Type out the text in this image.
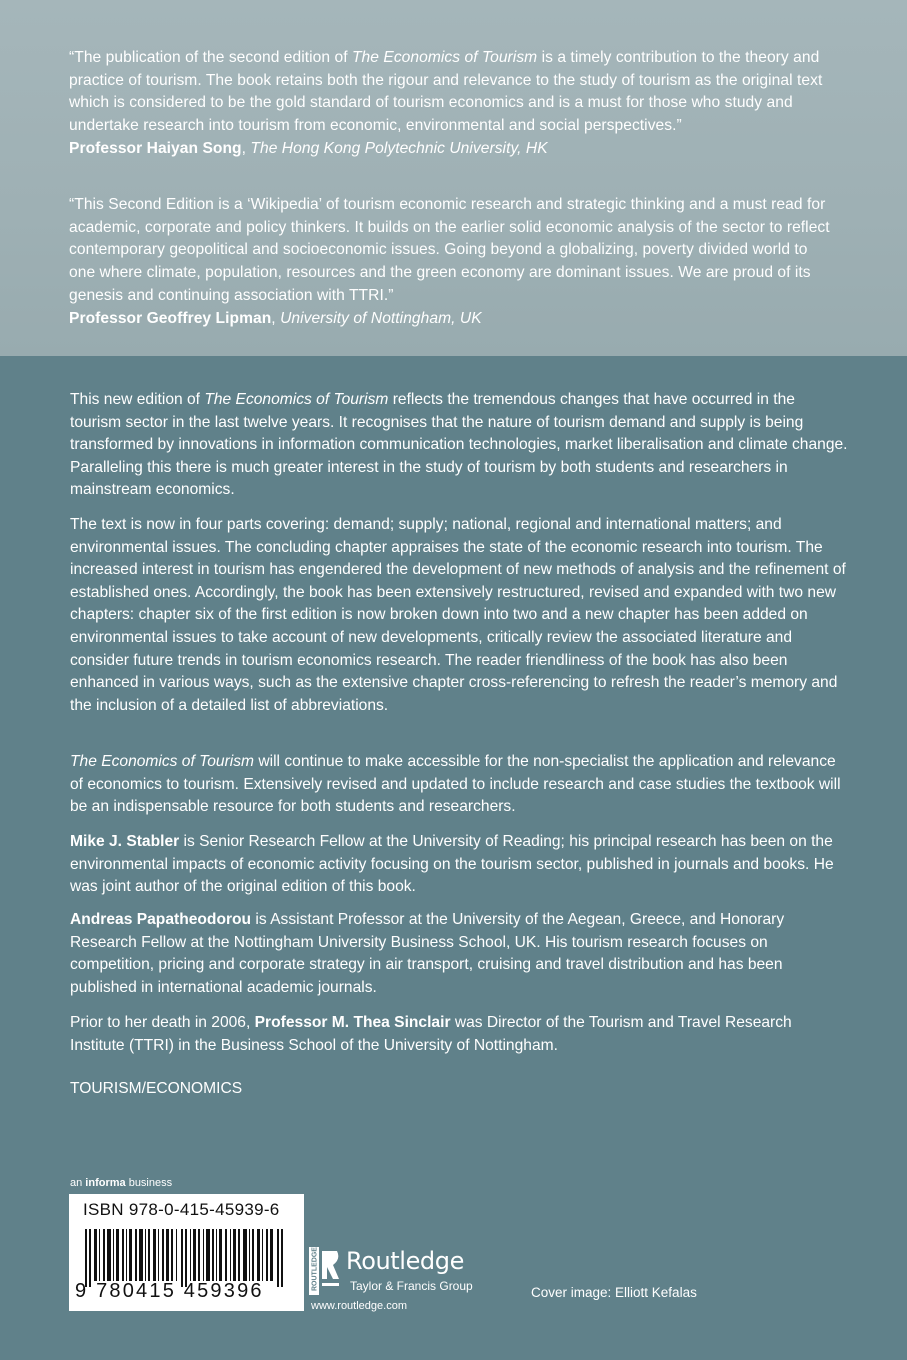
“The publication of the second edition of The Economics of Tourism is a timely contribution to the theory and practice of tourism. The book retains both the rigour and relevance to the study of tourism as the original text which is considered to be the gold standard of tourism economics and is a must for those who study and undertake research into tourism from economic, environmental and social perspectives.”
Professor Haiyan Song, The Hong Kong Polytechnic University, HK
“This Second Edition is a ‘Wikipedia’ of tourism economic research and strategic thinking and a must read for academic, corporate and policy thinkers. It builds on the earlier solid economic analysis of the sector to reflect contemporary geopolitical and socioeconomic issues. Going beyond a globalizing, poverty divided world to one where climate, population, resources and the green economy are dominant issues. We are proud of its genesis and continuing association with TTRI.”
Professor Geoffrey Lipman, University of Nottingham, UK

This new edition of The Economics of Tourism reflects the tremendous changes that have occurred in the tourism sector in the last twelve years. It recognises that the nature of tourism demand and supply is being transformed by innovations in information communication technologies, market liberalisation and climate change. Paralleling this there is much greater interest in the study of tourism by both students and researchers in mainstream economics.

The text is now in four parts covering: demand; supply; national, regional and international matters; and environmental issues. The concluding chapter appraises the state of the economic research into tourism. The increased interest in tourism has engendered the development of new methods of analysis and the refinement of established ones. Accordingly, the book has been extensively restructured, revised and expanded with two new chapters: chapter six of the first edition is now broken down into two and a new chapter has been added on environmental issues to take account of new developments, critically review the associated literature and consider future trends in tourism economics research. The reader friendliness of the book has also been enhanced in various ways, such as the extensive chapter cross-referencing to refresh the reader’s memory and the inclusion of a detailed list of abbreviations.

The Economics of Tourism will continue to make accessible for the non-specialist the application and relevance of economics to tourism. Extensively revised and updated to include research and case studies the textbook will be an indispensable resource for both students and researchers.

Mike J. Stabler is Senior Research Fellow at the University of Reading; his principal research has been on the environmental impacts of economic activity focusing on the tourism sector, published in journals and books. He was joint author of the original edition of this book.

Andreas Papatheodorou is Assistant Professor at the University of the Aegean, Greece, and Honorary Research Fellow at the Nottingham University Business School, UK. His tourism research focuses on competition, pricing and corporate strategy in air transport, cruising and travel distribution and has been published in international academic journals.

Prior to her death in 2006, Professor M. Thea Sinclair was Director of the Tourism and Travel Research Institute (TTRI) in the Business School of the University of Nottingham.

TOURISM/ECONOMICS
an informa business
ISBN 978-0-415-45939-6
9 780415 459396	ROUTLEDGE Routledge
Taylor & Francis Group
www.routledge.com
Cover image: Elliott Kefalas
